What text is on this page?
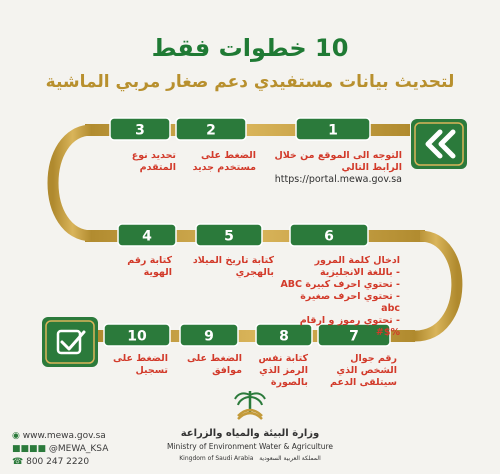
10 خطوات فقط
لتحديث بيانات مستفيدي دعم صغار مربي الماشية
1
2
3
4	5	6
7
8
9
10
التوجه الى الموقع من خلال الرابط التالي
https://portal.mewa.gov.sa
الضغط على مستخدم جديد
تحديد نوع المتقدم
كتابة رقم الهوية
كتابة تاريخ الميلاد بالهجري
ادخال كلمة المرور
- باللغة الانجليزية
- تحتوي احرف كبيرة ABC
- تحتوي احرف صغيرة abc
- تحتوي رموز و ارقام %$#
رقم جوال الشخص الذي سيتلقى الدعم
كتابة نفس الرمز الذي بالصورة
الضغط على موافق
الضغط على تسجيل
◉ www.mewa.gov.sa
■■■■ @MEWA_KSA
☎ 800 247 2220
وزارة البيئة والمياه والزراعة
Ministry of Environment Water & Agriculture
Kingdom of Saudi Arabia المملكة العربية السعودية
